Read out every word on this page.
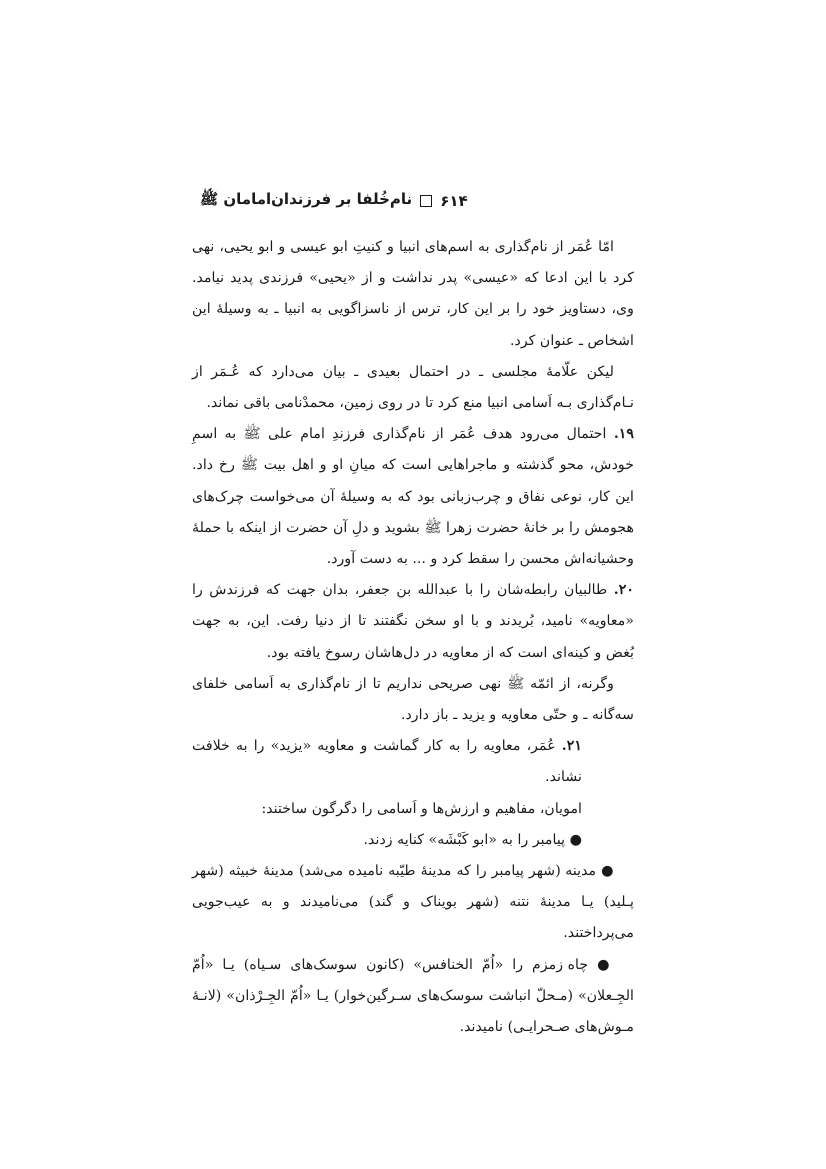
۶۱۴
نام‌خُلفا بر فرزندان‌امامان ﷺ

امّا عُمَر از نام‌گذاری به اسم‌های انبیا و کنیتِ ابو عیسی و ابو یحیی، نهی کرد با این ادعا که «عیسی» پدر نداشت و از «یحیی» فرزندی پدید نیامد. وی، دستاویز خود را بر این کار، ترس از ناسزاگویی به انبیا ـ به وسیلهٔ این اشخاص ـ عنوان کرد.

لیکن علّامهٔ مجلسی ـ در احتمال بعیدی ـ بیان می‌دارد که عُـمَر از نـام‌گذاری بـه اَسامی انبیا منع کرد تا در روی زمین، محمدْنامی باقی نماند.

۱۹. احتمال می‌رود هدف عُمَر از نام‌گذاری فرزندِ امام علی ﷺ به اسمِ خودش، محو گذشته و ماجراهایی است که میانِ او و اهل بیت ﷺ رخ داد. این کار، نوعی نفاق و چرب‌زبانی بود که به وسیلهٔ آن می‌خواست چرک‌های هجومش را بر خانهٔ حضرت زهرا ﷺ بشوید و دلِ آن حضرت از اینکه با حملهٔ وحشیانه‌اش محسن را سقط کرد و ... به دست آورد.

۲۰. طالبیان رابطه‌شان را با عبدالله بن جعفر، بدان جهت که فرزندش را «معاویه» نامید، بُریدند و با او سخن نگفتند تا از دنیا رفت. این، به جهت بُغض و کینه‌ای است که از معاویه در دل‌هاشان رسوخ یافته بود.

وگرنه، از ائمّه ﷺ نهی صریحی نداریم تا از نام‌گذاری به اَسامی خلفای سه‌گانه ـ و حتّی معاویه و یزید ـ باز دارد.

۲۱. عُمَر، معاویه را به کار گماشت و معاویه «یزید» را به خلافت نشاند.

امویان، مفاهیم و ارزش‌ها و اَسامی را دگرگون ساختند:

● پیامبر را به «ابو کَبْشَه» کنایه زدند.

● مدینه (شهر پیامبر را که مدینهٔ طیّبه نامیده می‌شد) مدینهٔ خبیثه (شهر پـلید) یـا مدینهٔ نتنه (شهر بویناک و گند) می‌نامیدند و به عیب‌جویی می‌پرداختند.

● چاه زمزم را «اُمّ الخنافس» (کانون سوسک‌های سـیاه) یـا «اُمّ الجِـعلان» (مـحلّ انباشت سوسک‌های سـرگین‌خوار) یـا «اُمّ الجِـرْذان» (لانـهٔ مـوش‌های صـحرایـی) نامیدند.
